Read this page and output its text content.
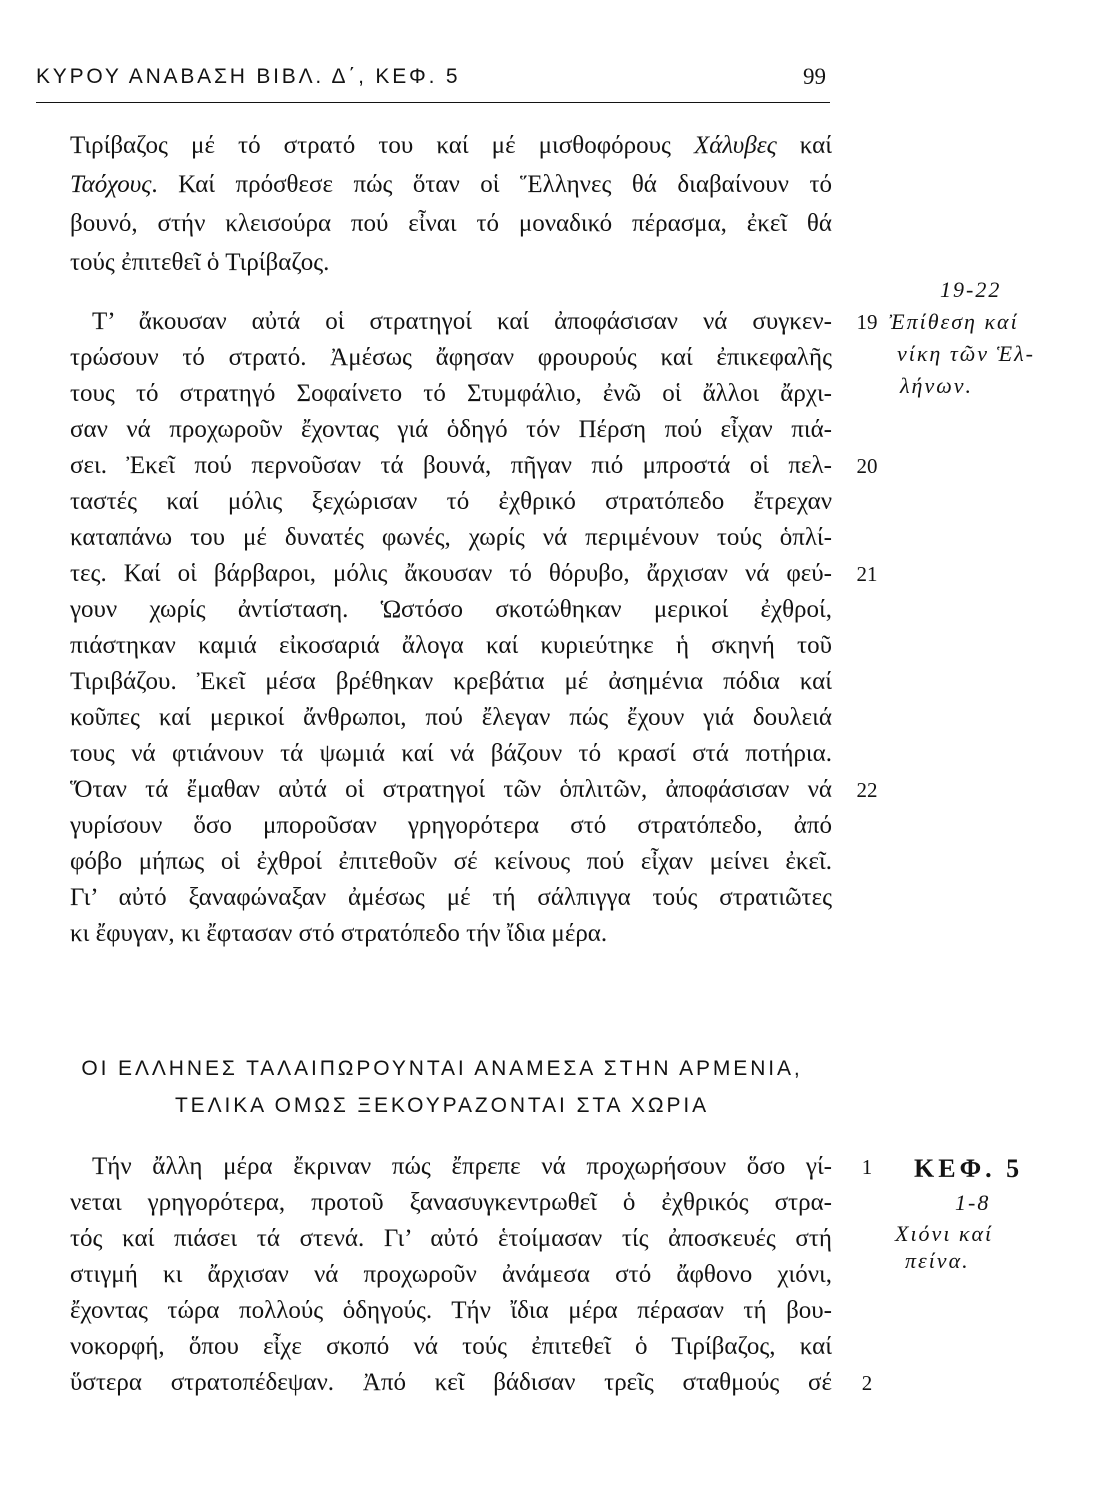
ΚΥΡΟΥ ΑΝΑΒΑΣΗ ΒΙΒΛ. Δ΄, ΚΕΦ. 5	99
Τιρίβαζος μέ τό στρατό του καί μέ μισθοφόρους Χάλυβες καί
Ταόχους. Καί πρόσθεσε πώς ὅταν οἱ Ἕλληνες θά διαβαίνουν τό
βουνό, στήν κλεισούρα πού εἶναι τό μοναδικό πέρασμα, ἐκεῖ θά
τούς ἐπιτεθεῖ ὁ Τιρίβαζος.
Τ’ ἄκουσαν αὐτά οἱ στρατηγοί καί ἀποφάσισαν νά συγκεν-
τρώσουν τό στρατό. Ἀμέσως ἄφησαν φρουρούς καί ἐπικεφαλῆς
τους τό στρατηγό Σοφαίνετο τό Στυμφάλιο, ἐνῶ οἱ ἄλλοι ἄρχι-
σαν νά προχωροῦν ἔχοντας γιά ὁδηγό τόν Πέρση πού εἶχαν πιά-
σει. Ἐκεῖ πού περνοῦσαν τά βουνά, πῆγαν πιό μπροστά οἱ πελ-
ταστές καί μόλις ξεχώρισαν τό ἐχθρικό στρατόπεδο ἔτρεχαν
καταπάνω του μέ δυνατές φωνές, χωρίς νά περιμένουν τούς ὁπλί-
τες. Καί οἱ βάρβαροι, μόλις ἄκουσαν τό θόρυβο, ἄρχισαν νά φεύ-
γουν χωρίς ἀντίσταση. Ὡστόσο σκοτώθηκαν μερικοί ἐχθροί,
πιάστηκαν καμιά εἰκοσαριά ἄλογα καί κυριεύτηκε ἡ σκηνή τοῦ
Τιριβάζου. Ἐκεῖ μέσα βρέθηκαν κρεβάτια μέ ἀσημένια πόδια καί
κοῦπες καί μερικοί ἄνθρωποι, πού ἔλεγαν πώς ἔχουν γιά δουλειά
τους νά φτιάνουν τά ψωμιά καί νά βάζουν τό κρασί στά ποτήρια.
Ὅταν τά ἔμαθαν αὐτά οἱ στρατηγοί τῶν ὁπλιτῶν, ἀποφάσισαν νά
γυρίσουν ὅσο μποροῦσαν γρηγορότερα στό στρατόπεδο, ἀπό
φόβο μήπως οἱ ἐχθροί ἐπιτεθοῦν σέ κείνους πού εἶχαν μείνει ἐκεῖ.
Γι’ αὐτό ξαναφώναξαν ἀμέσως μέ τή σάλπιγγα τούς στρατιῶτες
κι ἔφυγαν, κι ἔφτασαν στό στρατόπεδο τήν ἴδια μέρα.
ΟΙ ΕΛΛΗΝΕΣ ΤΑΛΑΙΠΩΡΟΥΝΤΑΙ ΑΝΑΜΕΣΑ ΣΤΗΝ ΑΡΜΕΝΙΑ,
ΤΕΛΙΚΑ ΟΜΩΣ ΞΕΚΟΥΡΑΖΟΝΤΑΙ ΣΤΑ ΧΩΡΙΑ
Τήν ἄλλη μέρα ἔκριναν πώς ἔπρεπε νά προχωρήσουν ὅσο γί-
νεται γρηγορότερα, προτοῦ ξανασυγκεντρωθεῖ ὁ ἐχθρικός στρα-
τός καί πιάσει τά στενά. Γι’ αὐτό ἑτοίμασαν τίς ἀποσκευές στή
στιγμή κι ἄρχισαν νά προχωροῦν ἀνάμεσα στό ἄφθονο χιόνι,
ἔχοντας τώρα πολλούς ὁδηγούς. Τήν ἴδια μέρα πέρασαν τή βου-
νοκορφή, ὅπου εἶχε σκοπό νά τούς ἐπιτεθεῖ ὁ Τιρίβαζος, καί
ὕστερα στρατοπέδεψαν. Ἀπό κεῖ βάδισαν τρεῖς σταθμούς σέ
19
20
21
22
1
2
19-22
Ἐπίθεση καί
νίκη τῶν Ἑλ-
λήνων.
ΚΕΦ. 5
1-8
Χιόνι καί
πείνα.
